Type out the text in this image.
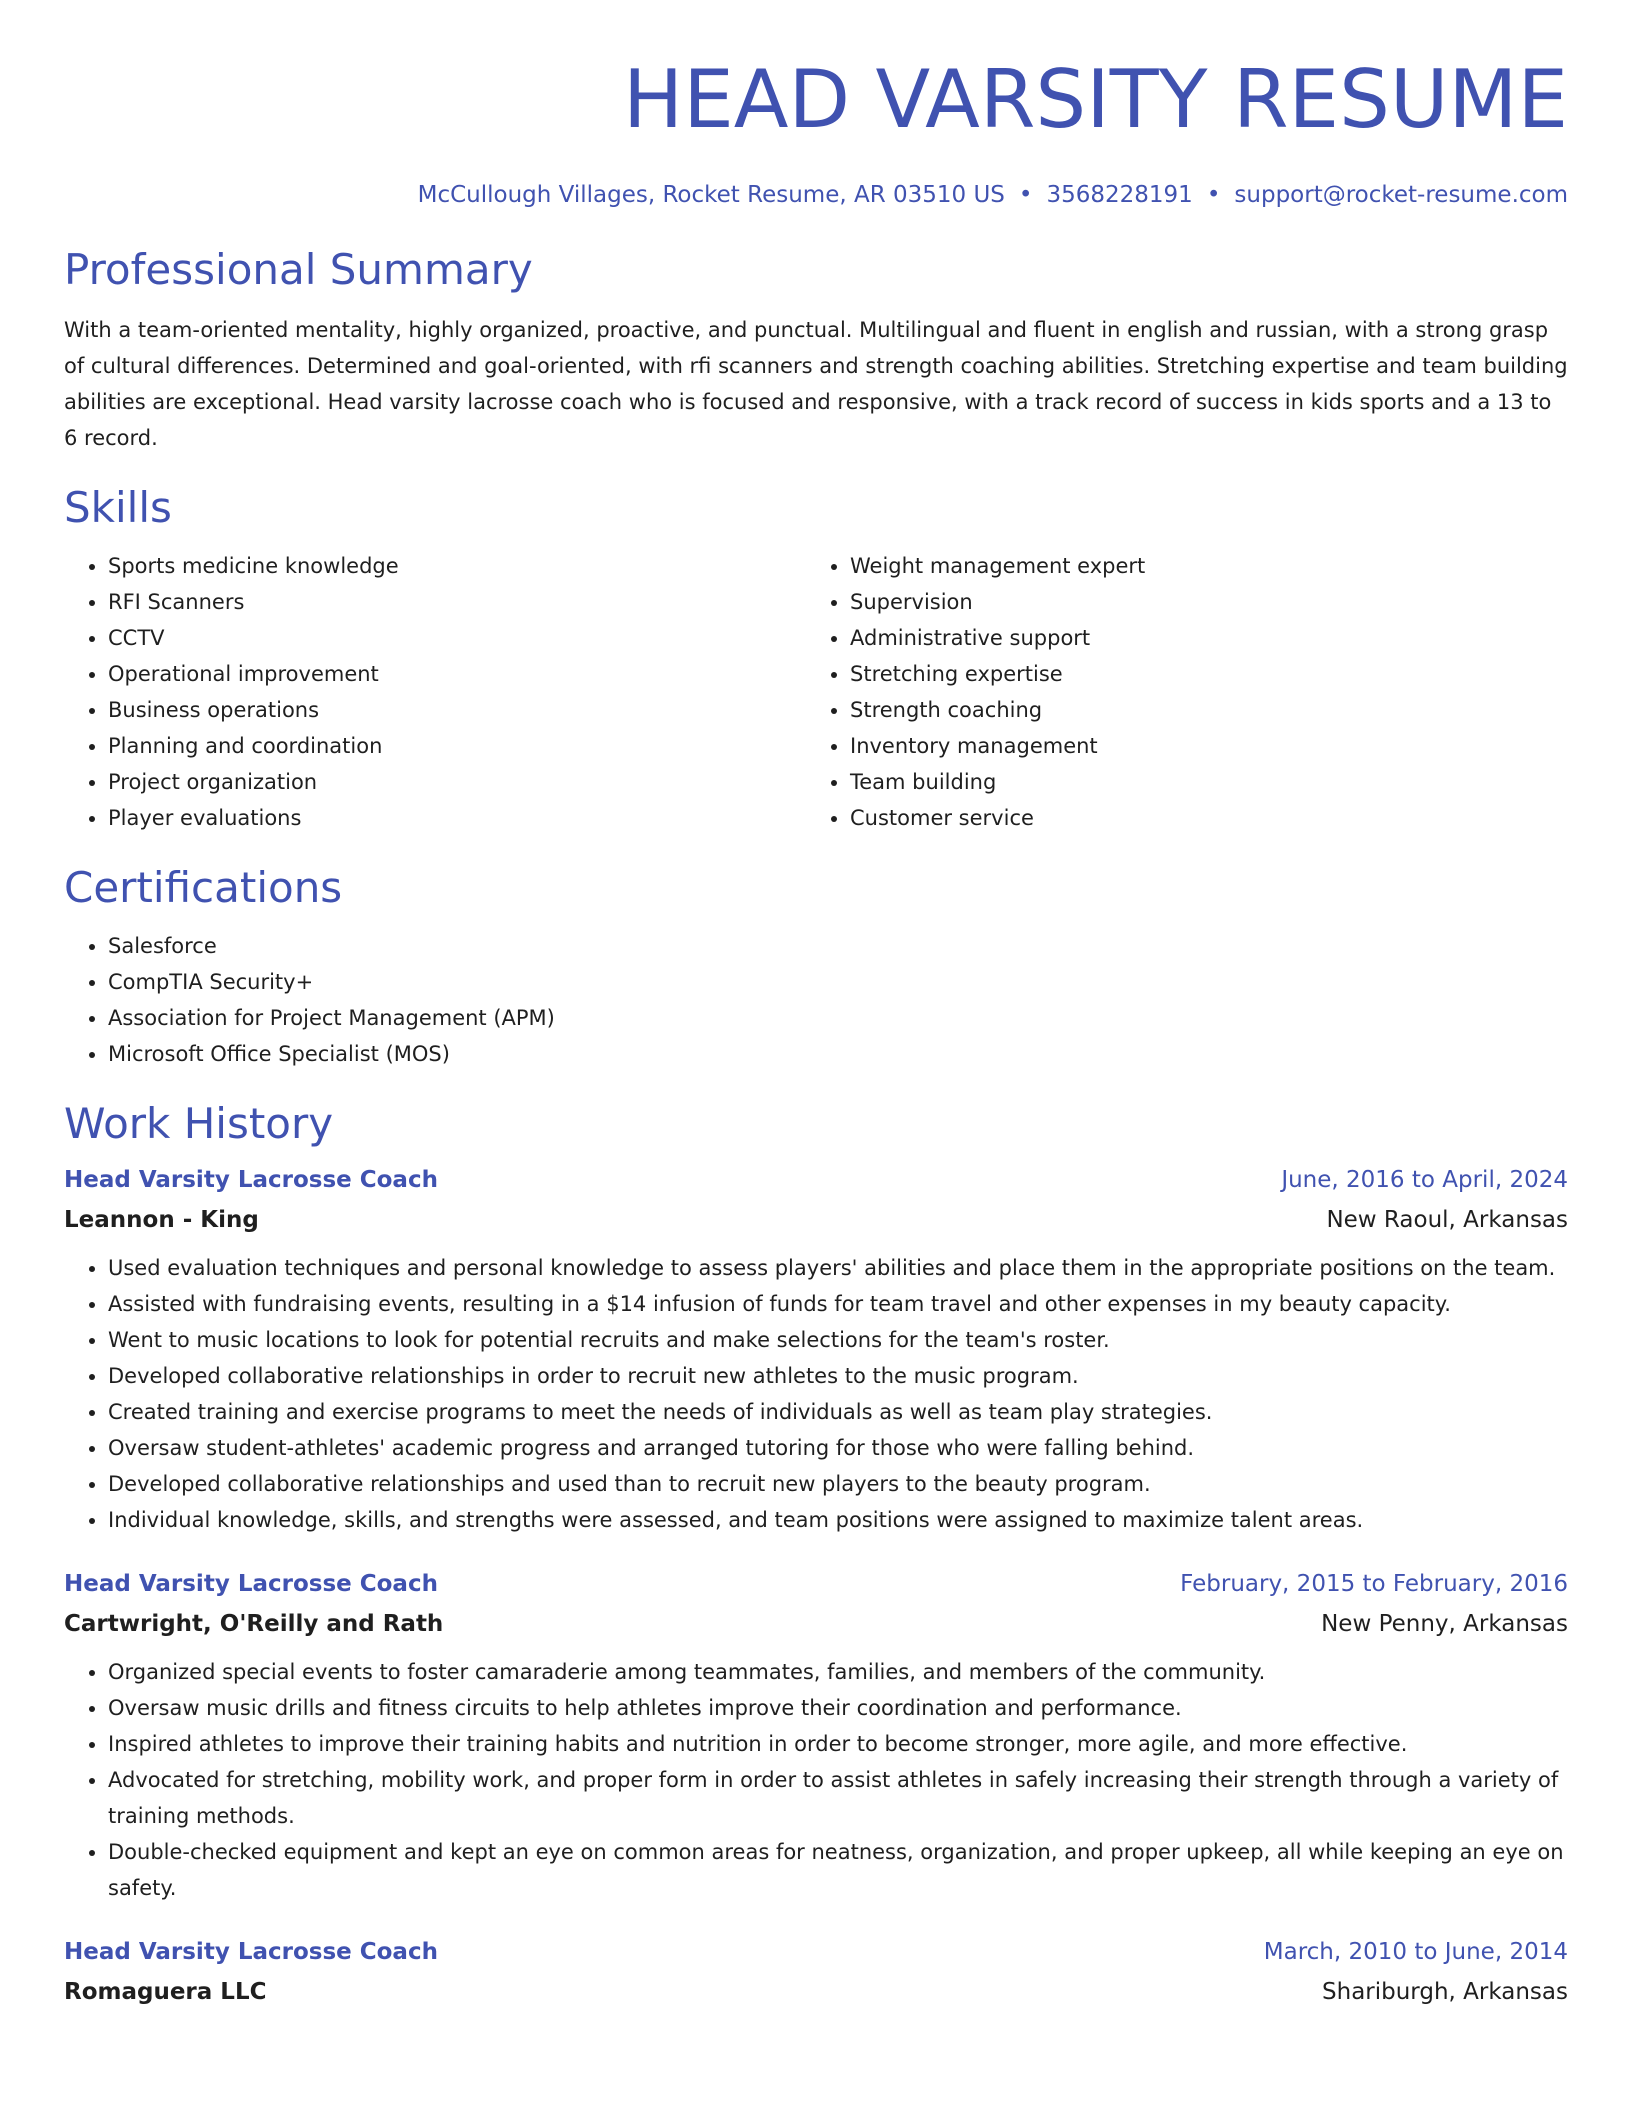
HEAD VARSITY RESUME
McCullough Villages, Rocket Resume, AR 03510 US • 3568228191 • support@rocket-resume.com
Professional Summary

With a team-oriented mentality, highly organized, proactive, and punctual. Multilingual and fluent in english and russian, with a strong grasp of cultural differences. Determined and goal-oriented, with rfi scanners and strength coaching abilities. Stretching expertise and team building abilities are exceptional. Head varsity lacrosse coach who is focused and responsive, with a track record of success in kids sports and a 13 to 6 record.

Skills
• Sports medicine knowledge
• RFI Scanners
• CCTV
• Operational improvement
• Business operations
• Planning and coordination
• Project organization
• Player evaluations
• Weight management expert
• Supervision
• Administrative support
• Stretching expertise
• Strength coaching
• Inventory management
• Team building
• Customer service
Certifications
• Salesforce
• CompTIA Security+
• Association for Project Management (APM)
• Microsoft Office Specialist (MOS)
Work History
Head Varsity Lacrosse Coach	June, 2016 to April, 2024
Leannon - King	New Raoul, Arkansas
• Used evaluation techniques and personal knowledge to assess players' abilities and place them in the appropriate positions on the team.
• Assisted with fundraising events, resulting in a $14 infusion of funds for team travel and other expenses in my beauty capacity.
• Went to music locations to look for potential recruits and make selections for the team's roster.
• Developed collaborative relationships in order to recruit new athletes to the music program.
• Created training and exercise programs to meet the needs of individuals as well as team play strategies.
• Oversaw student-athletes' academic progress and arranged tutoring for those who were falling behind.
• Developed collaborative relationships and used than to recruit new players to the beauty program.
• Individual knowledge, skills, and strengths were assessed, and team positions were assigned to maximize talent areas.
Head Varsity Lacrosse Coach	February, 2015 to February, 2016
Cartwright, O'Reilly and Rath	New Penny, Arkansas
• Organized special events to foster camaraderie among teammates, families, and members of the community.
• Oversaw music drills and fitness circuits to help athletes improve their coordination and performance.
• Inspired athletes to improve their training habits and nutrition in order to become stronger, more agile, and more effective.
• Advocated for stretching, mobility work, and proper form in order to assist athletes in safely increasing their strength through a variety of training methods.
• Double-checked equipment and kept an eye on common areas for neatness, organization, and proper upkeep, all while keeping an eye on safety.
Head Varsity Lacrosse Coach	March, 2010 to June, 2014
Romaguera LLC	Shariburgh, Arkansas
